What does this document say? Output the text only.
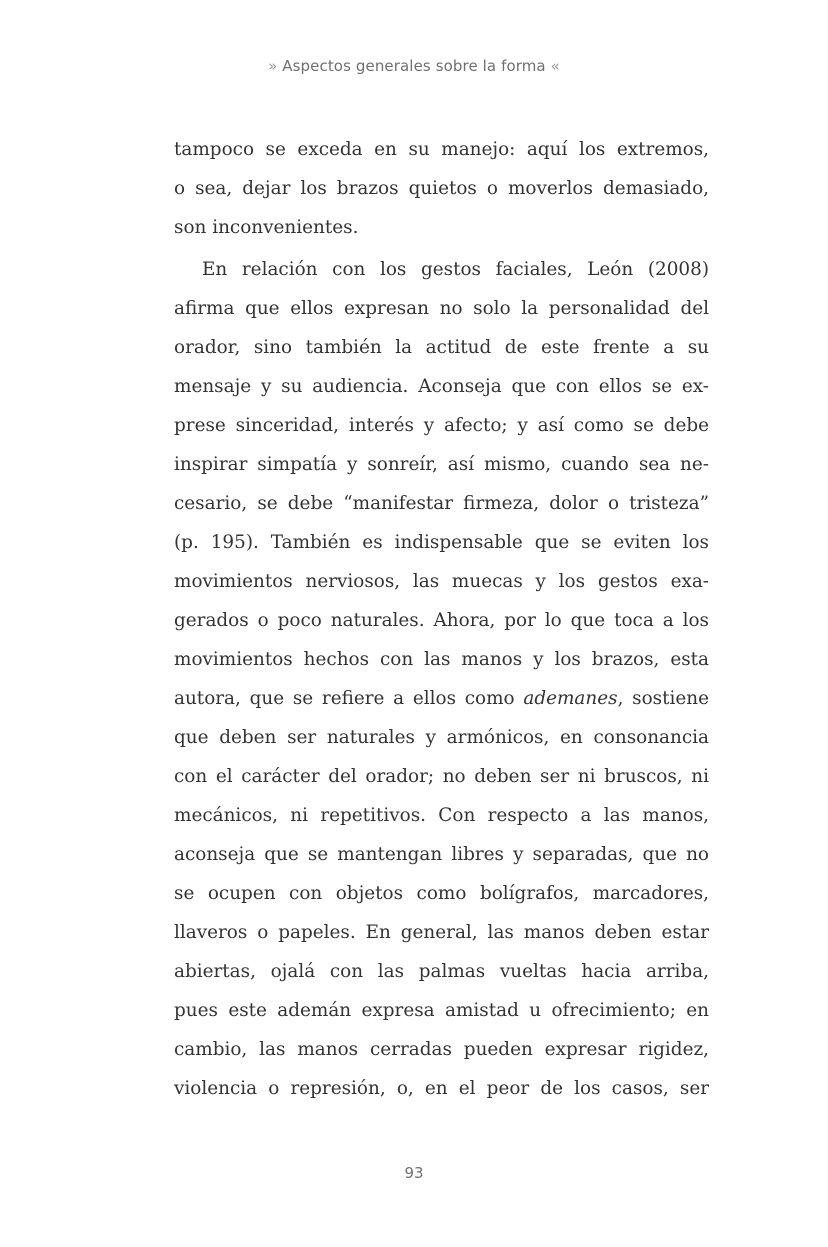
» Aspectos generales sobre la forma «
tampoco se exceda en su manejo: aquí los extremos,
o sea, dejar los brazos quietos o moverlos demasiado,
son inconvenientes.
En relación con los gestos faciales, León (2008)
afirma que ellos expresan no solo la personalidad del
orador, sino también la actitud de este frente a su
mensaje y su audiencia. Aconseja que con ellos se ex-
prese sinceridad, interés y afecto; y así como se debe
inspirar simpatía y sonreír, así mismo, cuando sea ne-
cesario, se debe “manifestar firmeza, dolor o tristeza”
(p. 195). También es indispensable que se eviten los
movimientos nerviosos, las muecas y los gestos exa-
gerados o poco naturales. Ahora, por lo que toca a los
movimientos hechos con las manos y los brazos, esta
autora, que se refiere a ellos como ademanes, sostiene
que deben ser naturales y armónicos, en consonancia
con el carácter del orador; no deben ser ni bruscos, ni
mecánicos, ni repetitivos. Con respecto a las manos,
aconseja que se mantengan libres y separadas, que no
se ocupen con objetos como bolígrafos, marcadores,
llaveros o papeles. En general, las manos deben estar
abiertas, ojalá con las palmas vueltas hacia arriba,
pues este ademán expresa amistad u ofrecimiento; en
cambio, las manos cerradas pueden expresar rigidez,
violencia o represión, o, en el peor de los casos, ser
93
